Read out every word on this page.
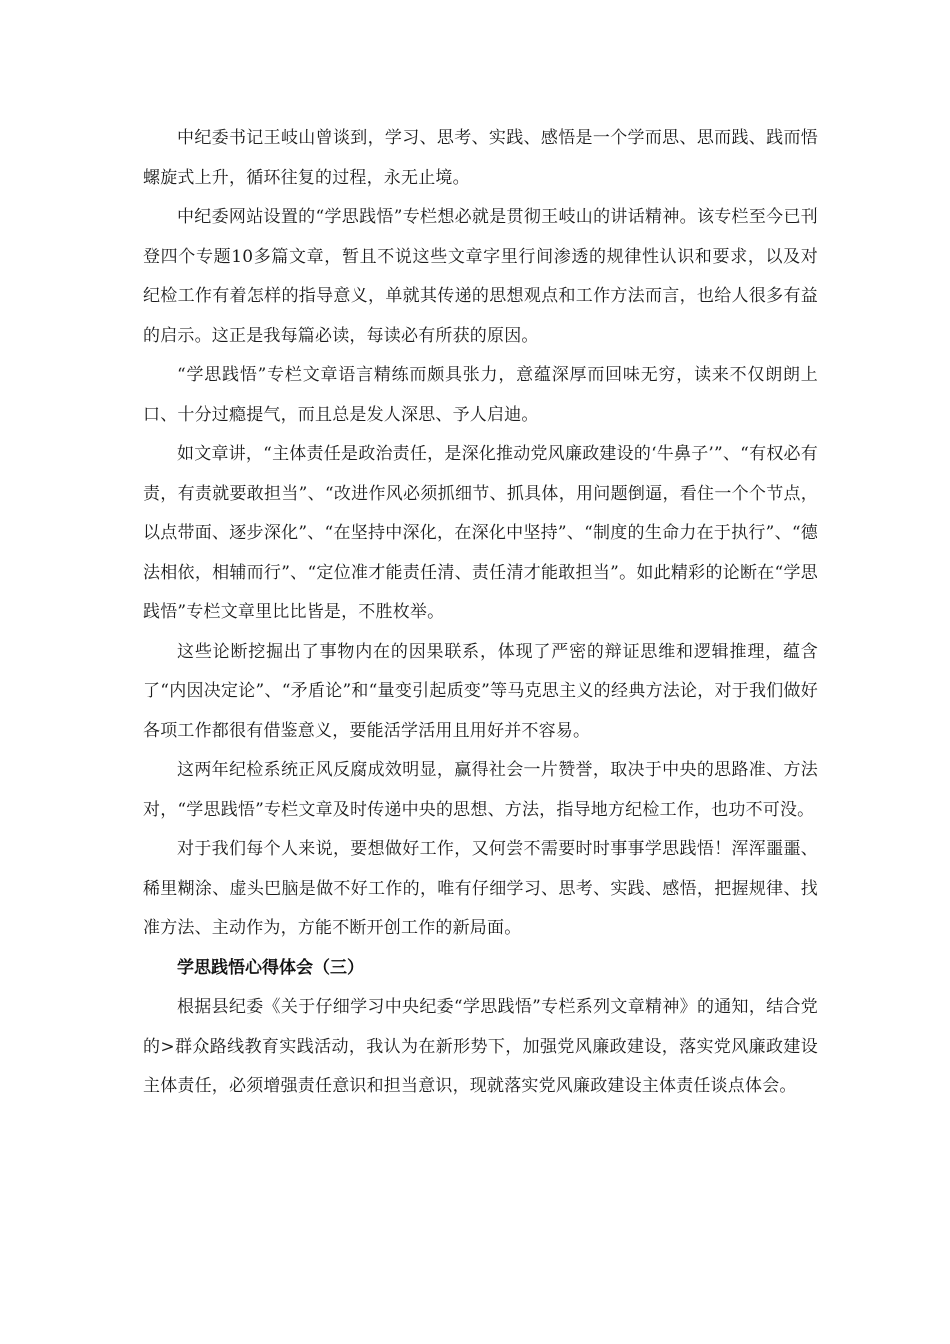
中纪委书记王岐山曾谈到，学习、思考、实践、感悟是一个学而思、思而践、践而悟螺旋式上升，循环往复的过程，永无止境。

中纪委网站设置的“学思践悟”专栏想必就是贯彻王岐山的讲话精神。该专栏至今已刊登四个专题10多篇文章，暂且不说这些文章字里行间渗透的规律性认识和要求，以及对纪检工作有着怎样的指导意义，单就其传递的思想观点和工作方法而言，也给人很多有益的启示。这正是我每篇必读，每读必有所获的原因。

“学思践悟”专栏文章语言精练而颇具张力，意蕴深厚而回味无穷，读来不仅朗朗上口、十分过瘾提气，而且总是发人深思、予人启迪。

如文章讲，“主体责任是政治责任，是深化推动党风廉政建设的‘牛鼻子’”、“有权必有责，有责就要敢担当”、“改进作风必须抓细节、抓具体，用问题倒逼，看住一个个节点，以点带面、逐步深化”、“在坚持中深化，在深化中坚持”、“制度的生命力在于执行”、“德法相依，相辅而行”、“定位准才能责任清、责任清才能敢担当”。如此精彩的论断在“学思践悟”专栏文章里比比皆是，不胜枚举。

这些论断挖掘出了事物内在的因果联系，体现了严密的辩证思维和逻辑推理，蕴含了“内因决定论”、“矛盾论”和“量变引起质变”等马克思主义的经典方法论，对于我们做好各项工作都很有借鉴意义，要能活学活用且用好并不容易。

这两年纪检系统正风反腐成效明显，赢得社会一片赞誉，取决于中央的思路准、方法对，“学思践悟”专栏文章及时传递中央的思想、方法，指导地方纪检工作，也功不可没。

对于我们每个人来说，要想做好工作，又何尝不需要时时事事学思践悟！浑浑噩噩、稀里糊涂、虚头巴脑是做不好工作的，唯有仔细学习、思考、实践、感悟，把握规律、找准方法、主动作为，方能不断开创工作的新局面。

学思践悟心得体会（三）

根据县纪委《关于仔细学习中央纪委“学思践悟”专栏系列文章精神》的通知，结合党的>群众路线教育实践活动，我认为在新形势下，加强党风廉政建设，落实党风廉政建设主体责任，必须增强责任意识和担当意识，现就落实党风廉政建设主体责任谈点体会。
